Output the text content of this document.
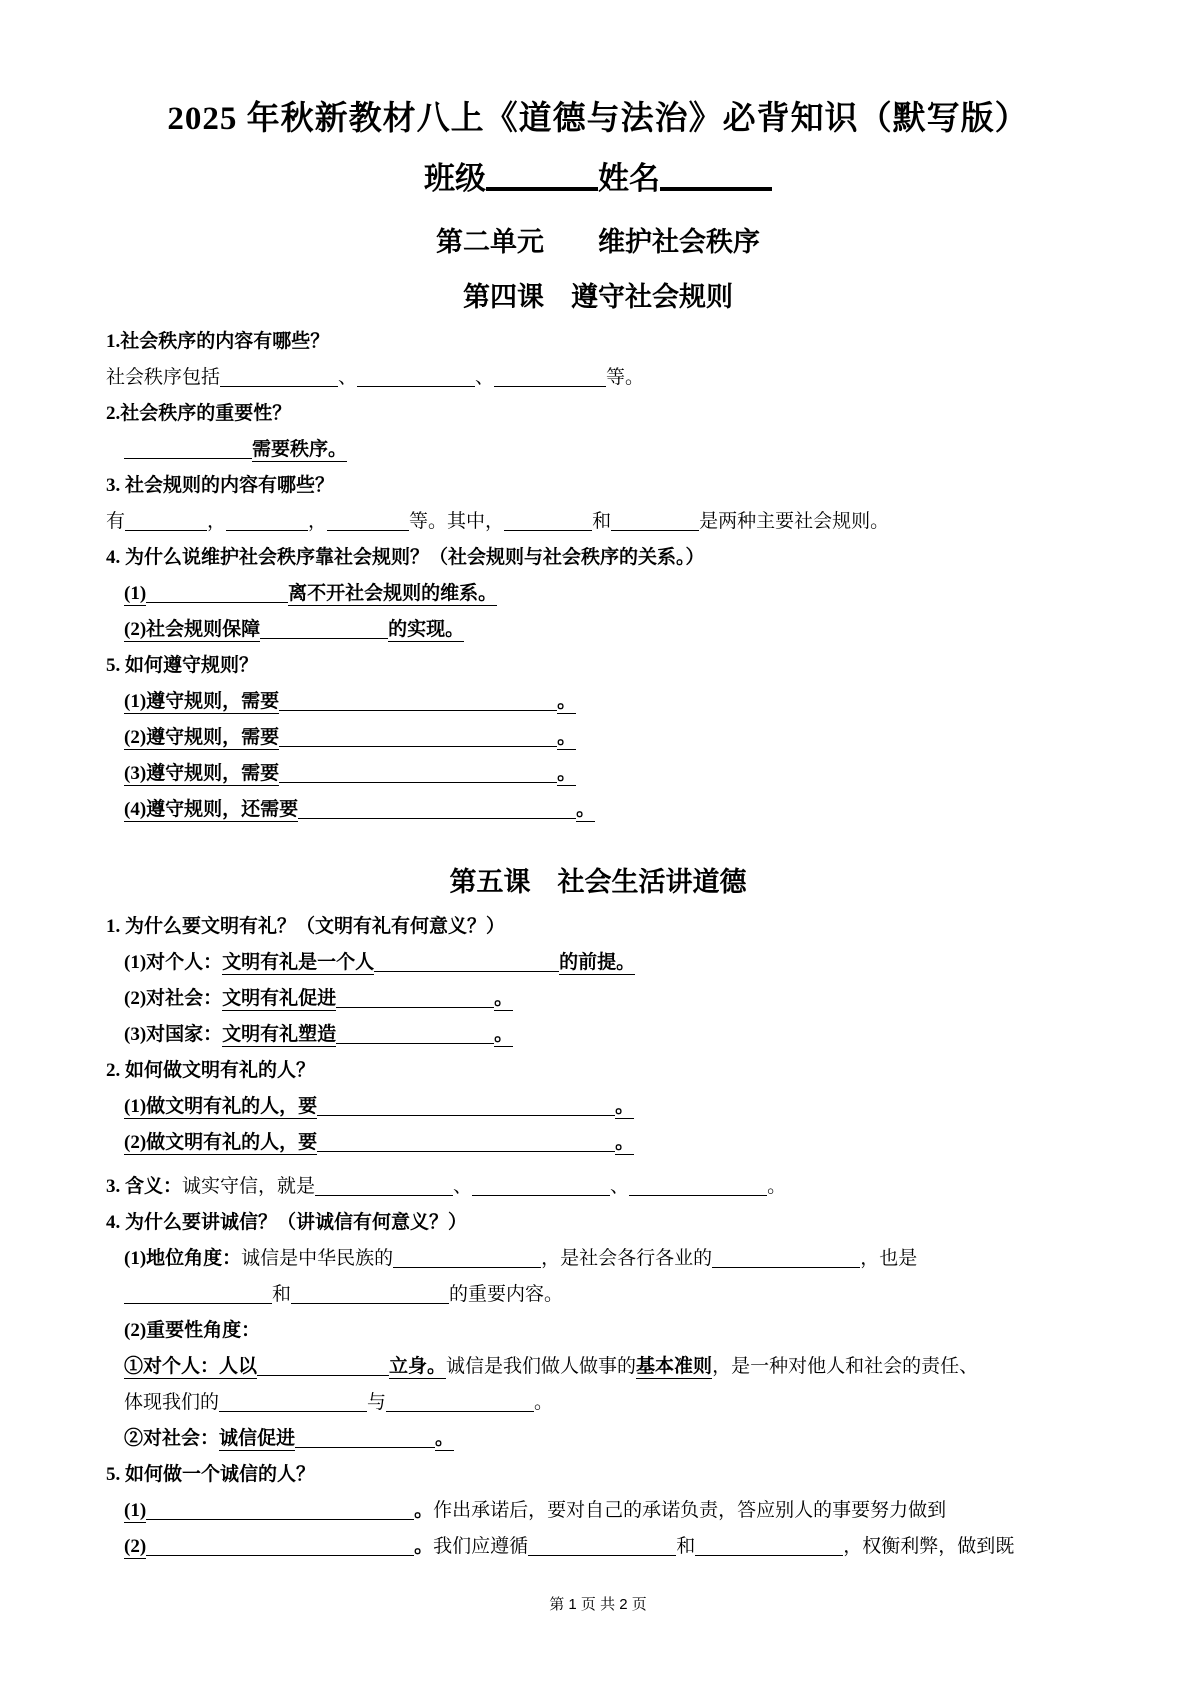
2025 年秋新教材八上《道德与法治》必背知识（默写版）
班级	姓名
第二单元　　维护社会秩序
第四课　遵守社会规则
1.社会秩序的内容有哪些？
社会秩序包括	、	、	等。
2.社会秩序的重要性？
需要秩序。
3. 社会规则的内容有哪些？
有	，	，	等。其中，	和	是两种主要社会规则。
4. 为什么说维护社会秩序靠社会规则？（社会规则与社会秩序的关系。）
(1)	离不开社会规则的维系。
(2)社会规则保障	的实现。
5. 如何遵守规则？
(1)遵守规则，需要	。
(2)遵守规则，需要	。
(3)遵守规则，需要	。
(4)遵守规则，还需要	。
第五课　社会生活讲道德
1. 为什么要文明有礼？（文明有礼有何意义？）
(1)对个人：文明有礼是一个人	的前提。
(2)对社会：文明有礼促进	。
(3)对国家：文明有礼塑造	。
2. 如何做文明有礼的人？
(1)做文明有礼的人，要	。
(2)做文明有礼的人，要	。
3. 含义：诚实守信，就是	、	、	。
4. 为什么要讲诚信？（讲诚信有何意义？）
(1)地位角度：诚信是中华民族的	，是社会各行各业的	，也是
和	的重要内容。
(2)重要性角度：
①对个人：人以	立身。诚信是我们做人做事的基本准则，是一种对他人和社会的责任、
体现我们的	与	。
②对社会：诚信促进	。
5. 如何做一个诚信的人？
(1)	。作出承诺后，要对自己的承诺负责，答应别人的事要努力做到
(2)	。我们应遵循	和	，权衡利弊，做到既
第 1 页 共 2 页
